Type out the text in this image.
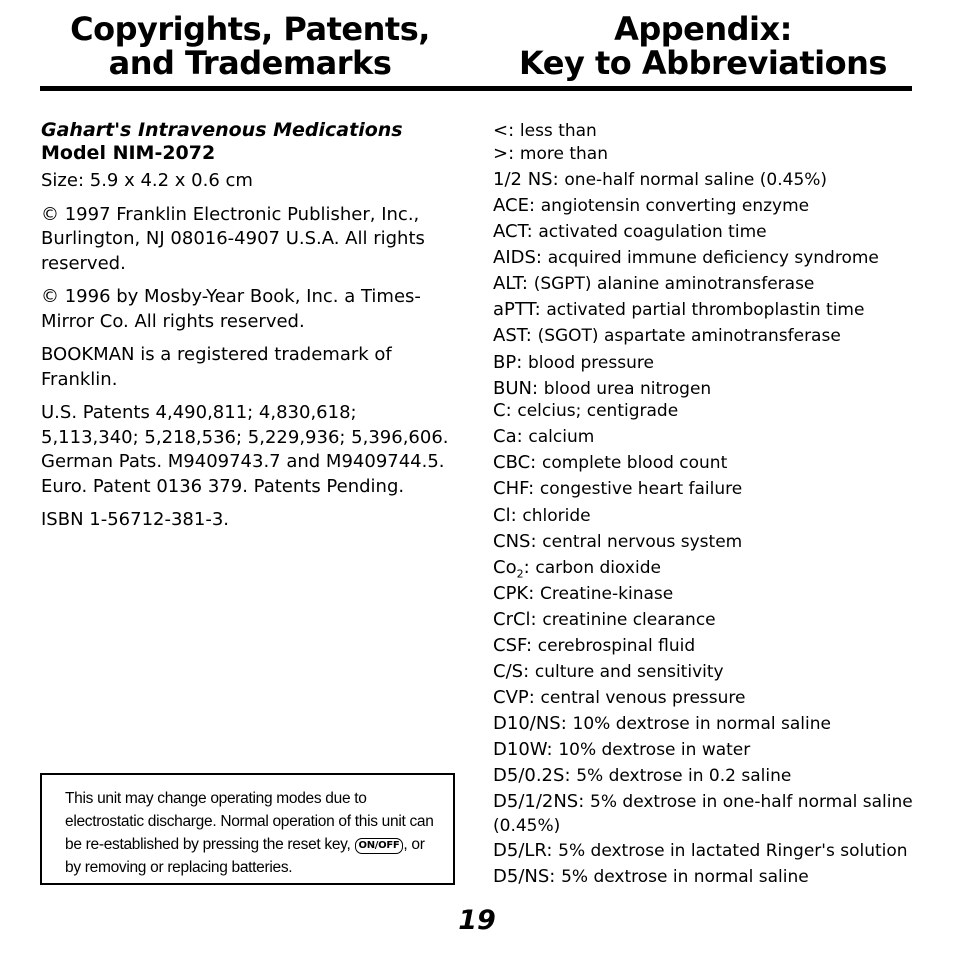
Copyrights, Patents,
and Trademarks
Appendix:
Key to Abbreviations

Gahart's Intravenous Medications

Model NIM-2072

Size: 5.9 x 4.2 x 0.6 cm

© 1997 Franklin Electronic Publisher, Inc., Burlington, NJ 08016-4907 U.S.A. All rights reserved.

© 1996 by Mosby-Year Book, Inc. a Times-Mirror Co. All rights reserved.

BOOKMAN is a registered trademark of Franklin.

U.S. Patents 4,490,811; 4,830,618; 5,113,340; 5,218,536; 5,229,936; 5,396,606.

German Pats. M9409743.7 and M9409744.5. Euro. Patent 0136 379. Patents Pending.

ISBN 1-56712-381-3.

This unit may change operating modes due to electrostatic discharge. Normal operation of this unit can be re-established by pressing the reset key, ON/OFF , or by removing or replacing batteries.
<: less than
>: more than
1/2 NS: one-half normal saline (0.45%)
ACE: angiotensin converting enzyme
ACT: activated coagulation time
AIDS: acquired immune deficiency syndrome
ALT: (SGPT) alanine aminotransferase
aPTT: activated partial thromboplastin time
AST: (SGOT) aspartate aminotransferase
BP: blood pressure
BUN: blood urea nitrogen
C: celcius; centigrade
Ca: calcium
CBC: complete blood count
CHF: congestive heart failure
Cl: chloride
CNS: central nervous system
$Co_2$: carbon dioxide
CPK: Creatine-kinase
CrCl: creatinine clearance
CSF: cerebrospinal fluid
C/S: culture and sensitivity
CVP: central venous pressure
D10/NS: 10% dextrose in normal saline
D10W: 10% dextrose in water
D5/0.2S: 5% dextrose in 0.2 saline
D5/1/2NS: 5% dextrose in one-half normal saline (0.45%)
D5/LR: 5% dextrose in lactated Ringer's solution
D5/NS: 5% dextrose in normal saline
19
